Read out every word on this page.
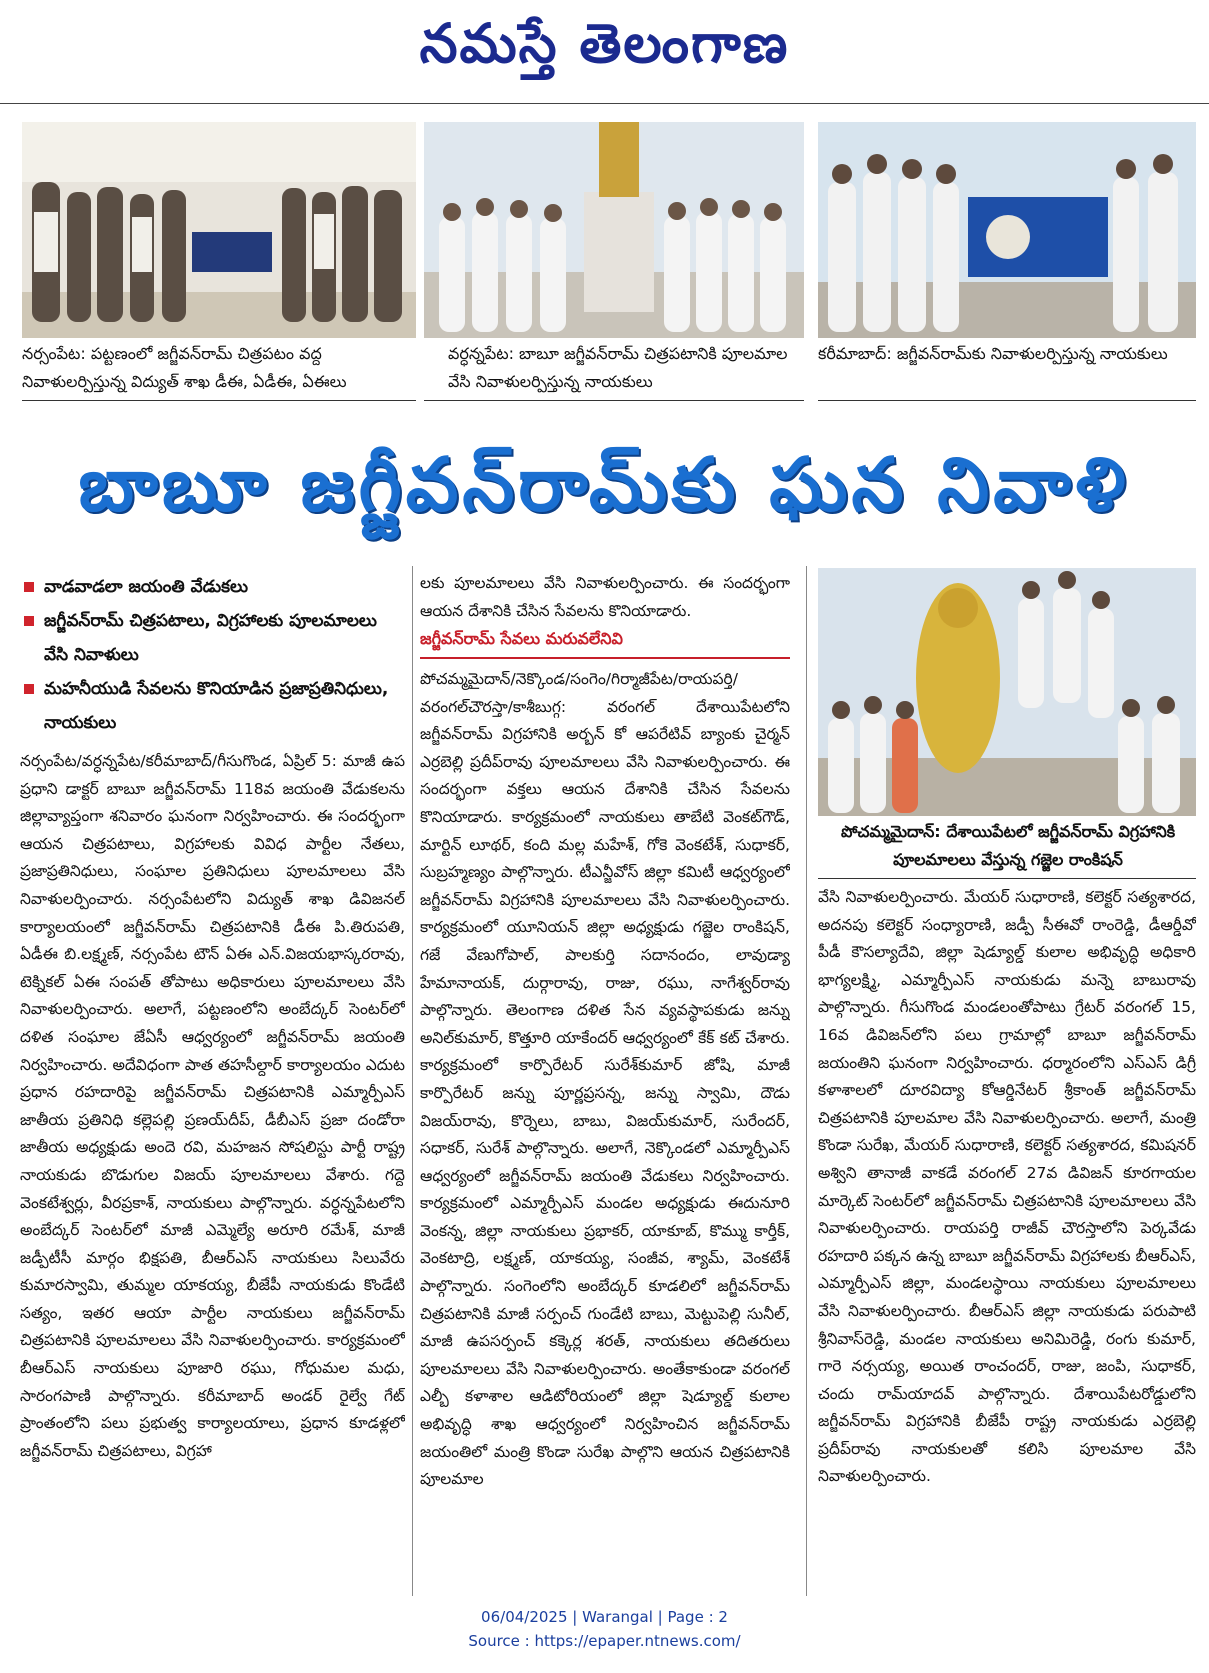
నమస్తే తెలంగాణ
నర్సంపేట: పట్టణంలో జగ్జీవన్‌రామ్ చిత్రపటం వద్ద నివాళులర్పిస్తున్న విద్యుత్ శాఖ డీఈ, ఏడీఈ, ఏఈలు
వర్ధన్నపేట: బాబూ జగ్జీవన్‌రామ్ చిత్రపటానికి పూలమాల వేసి నివాళులర్పిస్తున్న నాయకులు
కరీమాబాద్: జగ్జీవన్‌రామ్‌కు నివాళులర్పిస్తున్న నాయకులు
బాబూ జగ్జీవన్‌రామ్‌కు ఘన నివాళి
వాడవాడలా జయంతి వేడుకలు
జగ్జీవన్‌రామ్ చిత్రపటాలు, విగ్రహాలకు పూలమాలలు వేసి నివాళులు
మహనీయుడి సేవలను కొనియాడిన ప్రజాప్రతినిధులు, నాయకులు

నర్సంపేట/వర్ధన్నపేట/కరీమాబాద్/గీసుగొండ, ఏప్రిల్ 5: మాజీ ఉప ప్రధాని డాక్టర్ బాబూ జగ్జీవన్‌రామ్ 118వ జయంతి వేడుకలను జిల్లావ్యాప్తంగా శనివారం ఘనంగా నిర్వహించారు. ఈ సందర్భంగా ఆయన చిత్రపటాలు, విగ్రహాలకు వివిధ పార్టీల నేతలు, ప్రజాప్రతినిధులు, సంఘాల ప్రతినిధులు పూలమాలలు వేసి నివాళులర్పించారు. నర్సంపేటలోని విద్యుత్ శాఖ డివిజనల్ కార్యాలయంలో జగ్జీవన్‌రామ్ చిత్రపటానికి డీఈ పి.తిరుపతి, ఏడీఈ బి.లక్ష్మణ్, నర్సంపేట టౌన్ ఏఈ ఎన్.విజయభాస్కరరావు, టెక్నికల్ ఏఈ సంపత్ తోపాటు అధికారులు పూలమాలలు వేసి నివాళులర్పించారు. అలాగే, పట్టణంలోని అంబేద్కర్ సెంటర్‌లో దళిత సంఘాల జేఏసీ ఆధ్వర్యంలో జగ్జీవన్‌రామ్ జయంతి నిర్వహించారు. అదేవిధంగా పాత తహసీల్దార్ కార్యాలయం ఎదుట ప్రధాన రహదారిపై జగ్జీవన్‌రామ్ చిత్రపటానికి ఎమ్మార్పీఎస్ జాతీయ ప్రతినిధి కల్లెపల్లి ప్రణయ్‌దీప్, డీబీఎస్ ప్రజా దండోరా జాతీయ అధ్యక్షుడు అందె రవి, మహజన సోషలిస్టు పార్టీ రాష్ట్ర నాయకుడు బొడుగుల విజయ్ పూలమాలలు వేశారు. గద్దె వెంకటేశ్వర్లు, వీరప్రకాశ్, నాయకులు పాల్గొన్నారు. వర్ధన్నపేటలోని అంబేద్కర్ సెంటర్‌లో మాజీ ఎమ్మెల్యే అరూరి రమేశ్, మాజీ జడ్పీటీసీ మార్గం భిక్షపతి, బీఆర్‌ఎస్ నాయకులు సిలువేరు కుమారస్వామి, తుమ్మల యాకయ్య, బీజేపీ నాయకుడు కొండేటి సత్యం, ఇతర ఆయా పార్టీల నాయకులు జగ్జీవన్‌రామ్ చిత్రపటానికి పూలమాలలు వేసి నివాళులర్పించారు. కార్యక్రమంలో బీఆర్‌ఎస్ నాయకులు పూజారి రఘు, గోధుమల మధు, సారంగపాణి పాల్గొన్నారు. కరీమాబాద్ అండర్ రైల్వే గేట్ ప్రాంతంలోని పలు ప్రభుత్వ కార్యాలయాలు, ప్రధాన కూడళ్లలో జగ్జీవన్‌రామ్ చిత్రపటాలు, విగ్రహా

లకు పూలమాలలు వేసి నివాళులర్పించారు. ఈ సందర్భంగా ఆయన దేశానికి చేసిన సేవలను కొనియాడారు.

జగ్జీవన్‌రామ్ సేవలు మరువలేనివి

పోచమ్మమైదాన్/నెక్కొండ/సంగెం/గిర్మాజీపేట/రాయపర్తి/వరంగల్‌చౌరస్తా/కాశీబుగ్గ: వరంగల్ దేశాయిపేటలోని జగ్జీవన్‌రామ్ విగ్రహానికి అర్బన్ కో ఆపరేటివ్ బ్యాంకు చైర్మన్ ఎర్రబెల్లి ప్రదీప్‌రావు పూలమాలలు వేసి నివాళులర్పించారు. ఈ సందర్భంగా వక్తలు ఆయన దేశానికి చేసిన సేవలను కొనియాడారు. కార్యక్రమంలో నాయకులు తాబేటి వెంకట్‌గౌడ్, మార్టిన్ లూథర్, కంది మల్ల మహేశ్, గోకె వెంకటేశ్, సుధాకర్, సుబ్రహ్మణ్యం పాల్గొన్నారు. టీఎన్జీవోస్ జిల్లా కమిటీ ఆధ్వర్యంలో జగ్జీవన్‌రామ్ విగ్రహానికి పూలమాలలు వేసి నివాళులర్పించారు. కార్యక్రమంలో యూనియన్ జిల్లా అధ్యక్షుడు గజ్జెల రాంకిషన్, గజే వేణుగోపాల్, పాలకుర్తి సదానందం, లావుడ్యా హేమానాయక్, దుర్గారావు, రాజు, రఘు, నాగేశ్వర్‌రావు పాల్గొన్నారు. తెలంగాణ దళిత సేన వ్యవస్థాపకుడు జన్ను అనిల్‌కుమార్, కొత్తూరి యాకేందర్ ఆధ్వర్యంలో కేక్ కట్ చేశారు. కార్యక్రమంలో కార్పొరేటర్ సురేశ్‌కుమార్ జోషి, మాజీ కార్పొరేటర్ జన్ను పూర్ణప్రసన్న, జన్ను స్వామి, దౌడు విజయ్‌రావు, కొర్నెలు, బాబు, విజయ్‌కుమార్, సురేందర్, సధాకర్, సురేశ్ పాల్గొన్నారు. అలాగే, నెక్కొండలో ఎమ్మార్పీఎస్ ఆధ్వర్యంలో జగ్జీవన్‌రామ్ జయంతి వేడుకలు నిర్వహించారు. కార్యక్రమంలో ఎమ్మార్పీఎస్ మండల అధ్యక్షుడు ఈదునూరి వెంకన్న, జిల్లా నాయకులు ప్రభాకర్, యాకూబ్, కొమ్ము కార్తీక్, వెంకటాద్రి, లక్ష్మణ్, యాకయ్య, సంజీవ, శ్యామ్, వెంకటేశ్ పాల్గొన్నారు. సంగెంలోని అంబేద్కర్ కూడలిలో జగ్జీవన్‌రామ్ చిత్రపటానికి మాజీ సర్పంచ్ గుండేటి బాబు, మెట్టుపెల్లి సునీల్, మాజీ ఉపసర్పంచ్ కక్కెర్ల శరత్, నాయకులు తదితరులు పూలమాలలు వేసి నివాళులర్పించారు. అంతేకాకుండా వరంగల్ ఎల్బీ కళాశాల ఆడిటోరియంలో జిల్లా షెడ్యూల్డ్ కులాల అభివృద్ధి శాఖ ఆధ్వర్యంలో నిర్వహించిన జగ్జీవన్‌రామ్ జయంతిలో మంత్రి కొండా సురేఖ పాల్గొని ఆయన చిత్రపటానికి పూలమాల

పోచమ్మమైదాన్: దేశాయిపేటలో జగ్జీవన్‌రామ్ విగ్రహానికి పూలమాలలు వేస్తున్న గజ్జెల రాంకిషన్

వేసి నివాళులర్పించారు. మేయర్ సుధారాణి, కలెక్టర్ సత్యశారద, అదనపు కలెక్టర్ సంధ్యారాణి, జడ్పీ సీఈవో రాంరెడ్డి, డీఆర్డీవో పీడీ కౌసల్యాదేవి, జిల్లా షెడ్యూల్డ్ కులాల అభివృద్ధి అధికారి భాగ్యలక్ష్మి, ఎమ్మార్పీఎస్ నాయకుడు మన్నె బాబురావు పాల్గొన్నారు. గీసుగొండ మండలంతోపాటు గ్రేటర్ వరంగల్ 15, 16వ డివిజన్‌లోని పలు గ్రామాల్లో బాబూ జగ్జీవన్‌రామ్ జయంతిని ఘనంగా నిర్వహించారు. ధర్మారంలోని ఎస్‌ఎస్ డిగ్రీ కళాశాలలో దూరవిద్యా కోఆర్డినేటర్ శ్రీకాంత్ జగ్జీవన్‌రామ్ చిత్రపటానికి పూలమాల వేసి నివాళులర్పించారు. అలాగే, మంత్రి కొండా సురేఖ, మేయర్ సుధారాణి, కలెక్టర్ సత్యశారద, కమిషనర్ అశ్విని తానాజీ వాకడే వరంగల్ 27వ డివిజన్ కూరగాయల మార్కెట్ సెంటర్‌లో జగ్జీవన్‌రామ్ చిత్రపటానికి పూలమాలలు వేసి నివాళులర్పించారు. రాయపర్తి రాజీవ్ చౌరస్తాలోని పెర్కవేడు రహదారి పక్కన ఉన్న బాబూ జగ్జీవన్‌రామ్ విగ్రహాలకు బీఆర్‌ఎస్, ఎమ్మార్పీఎస్ జిల్లా, మండలస్థాయి నాయకులు పూలమాలలు వేసి నివాళులర్పించారు. బీఆర్‌ఎస్ జిల్లా నాయకుడు పరుపాటి శ్రీనివాస్‌రెడ్డి, మండల నాయకులు అనిమిరెడ్డి, రంగు కుమార్, గారె నర్సయ్య, అయిత రాంచందర్, రాజు, జంపి, సుధాకర్, చందు రామ్‌యాదవ్ పాల్గొన్నారు. దేశాయిపేటరోడ్డులోని జగ్జీవన్‌రామ్ విగ్రహానికి బీజేపీ రాష్ట్ర నాయకుడు ఎర్రబెల్లి ప్రదీప్‌రావు నాయకులతో కలిసి పూలమాల వేసి నివాళులర్పించారు.

06/04/2025 | Warangal | Page : 2
Source : https://epaper.ntnews.com/
